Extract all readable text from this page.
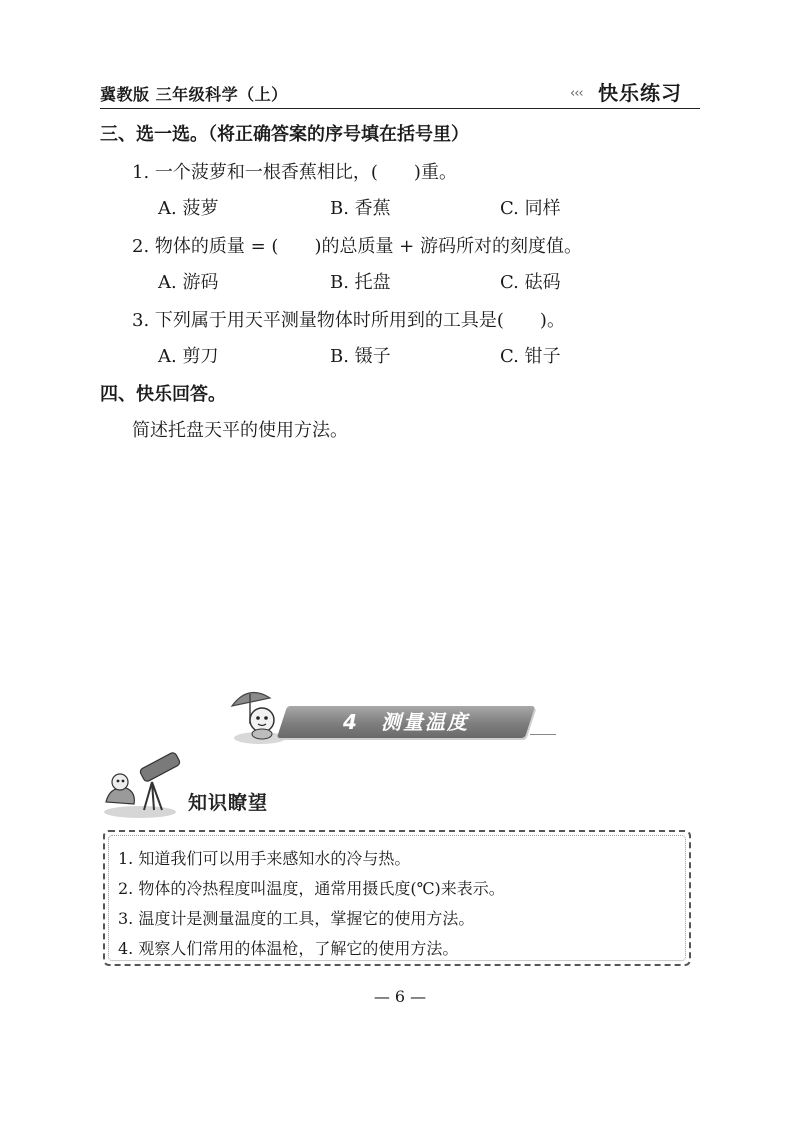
冀教版 三年级科学（上）	‹‹‹ 快乐练习
三、选一选。（将正确答案的序号填在括号里）
1. 一个菠萝和一根香蕉相比，(　　)重。
A. 菠萝	B. 香蕉	C. 同样
2. 物体的质量 = (　　)的总质量 + 游码所对的刻度值。
A. 游码	B. 托盘	C. 砝码
3. 下列属于用天平测量物体时所用到的工具是(　　)。
A. 剪刀	B. 镊子	C. 钳子
四、快乐回答。
简述托盘天平的使用方法。
4　测量温度
知识瞭望
1. 知道我们可以用手来感知水的冷与热。
2. 物体的冷热程度叫温度，通常用摄氏度(℃)来表示。
3. 温度计是测量温度的工具，掌握它的使用方法。
4. 观察人们常用的体温枪，了解它的使用方法。
— 6 —
